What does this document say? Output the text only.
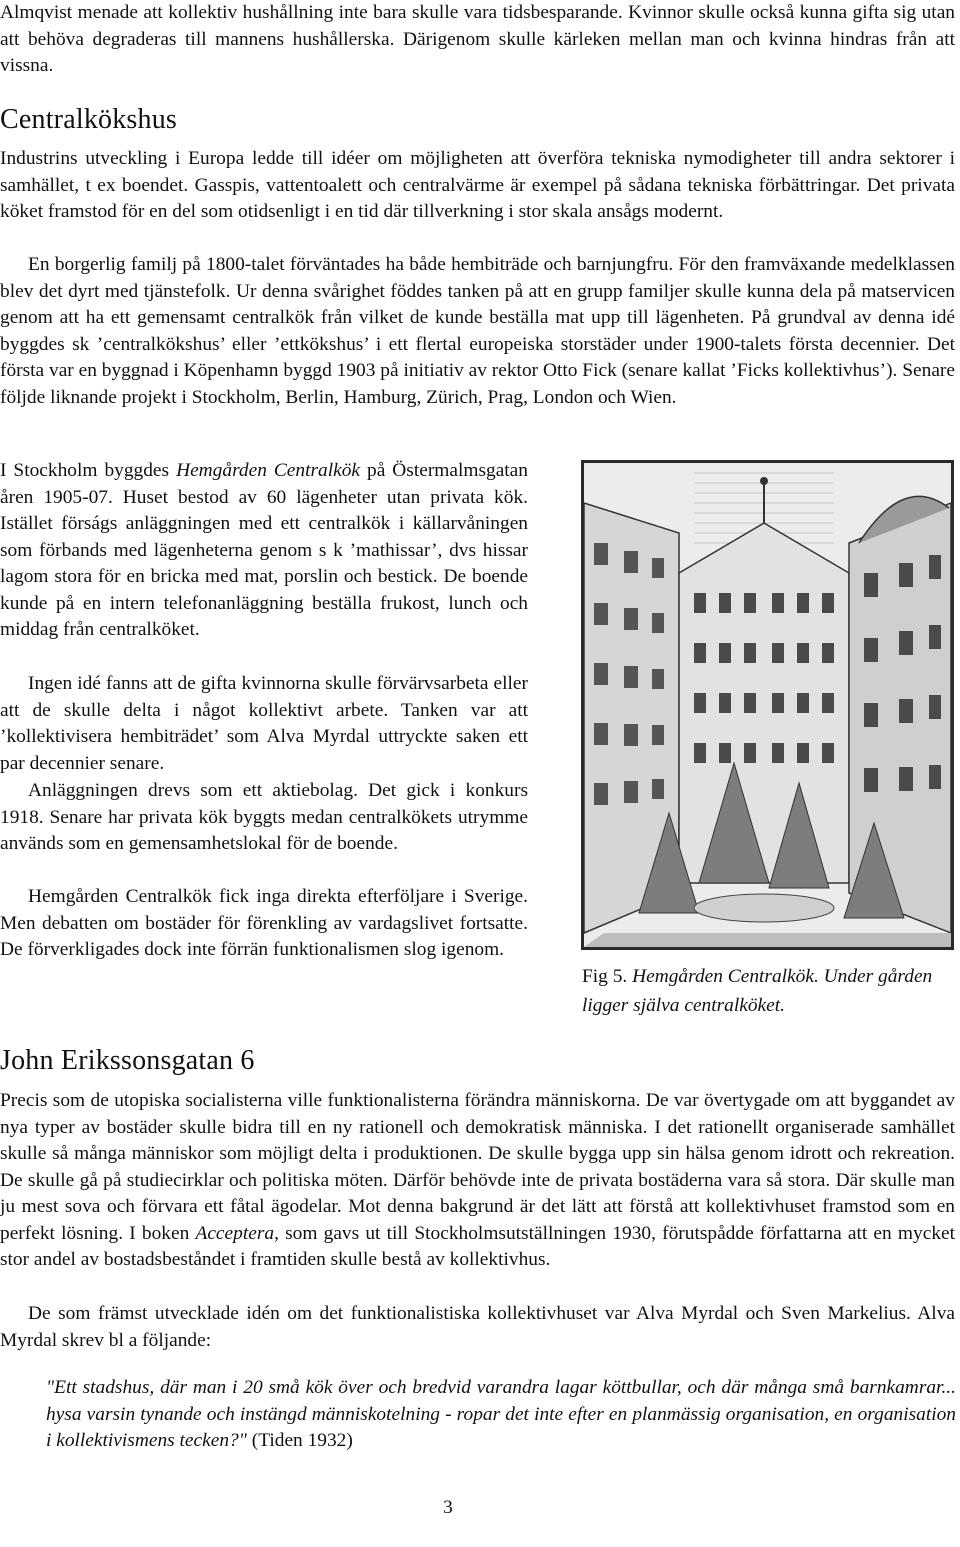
Almqvist menade att kollektiv hushållning inte bara skulle vara tidsbesparande. Kvinnor skulle också kunna gifta sig utan att behöva degraderas till mannens hushållerska. Därigenom skulle kärleken mellan man och kvinna hindras från att vissna.

Centralkökshus

Industrins utveckling i Europa ledde till idéer om möjligheten att överföra tekniska nymodigheter till andra sektorer i samhället, t ex boendet. Gasspis, vattentoalett och centralvärme är exempel på sådana tekniska förbättringar. Det privata köket framstod för en del som otidsenligt i en tid där tillverkning i stor skala ansågs modernt.

En borgerlig familj på 1800-talet förväntades ha både hembiträde och barnjungfru. För den framväxande medelklassen blev det dyrt med tjänstefolk. Ur denna svårighet föddes tanken på att en grupp familjer skulle kunna dela på matservicen genom att ha ett gemensamt centralkök från vilket de kunde beställa mat upp till lägenheten. På grundval av denna idé byggdes sk ’centralkökshus’ eller ’ettkökshus’ i ett flertal europeiska storstäder under 1900-talets första decennier. Det första var en byggnad i Köpenhamn byggd 1903 på initiativ av rektor Otto Fick (senare kallat ’Ficks kollektivhus’). Senare följde liknande projekt i Stockholm, Berlin, Hamburg, Zürich, Prag, London och Wien.

I Stockholm byggdes Hemgården Centralkök på Östermalmsgatan åren 1905-07. Huset bestod av 60 lägenheter utan privata kök. Istället förságs anläggningen med ett centralkök i källarvåningen som förbands med lägenheterna genom s k ’mathissar’, dvs hissar lagom stora för en bricka med mat, porslin och bestick. De boende kunde på en intern telefonanläggning beställa frukost, lunch och middag från centralköket.

Ingen idé fanns att de gifta kvinnorna skulle förvärvsarbeta eller att de skulle delta i något kollektivt arbete. Tanken var att ’kollektivisera hembiträdet’ som Alva Myrdal uttryckte saken ett par decennier senare.

Anläggningen drevs som ett aktiebolag. Det gick i konkurs 1918. Senare har privata kök byggts medan centralkökets utrymme används som en gemensamhetslokal för de boende.

Hemgården Centralkök fick inga direkta efterföljare i Sverige. Men debatten om bostäder för förenkling av vardagslivet fortsatte. De förverkligades dock inte förrän funktionalismen slog igenom.

Fig 5. Hemgården Centralkök. Under gården ligger själva centralköket.

John Erikssonsgatan 6

Precis som de utopiska socialisterna ville funktionalisterna förändra människorna. De var övertygade om att byggandet av nya typer av bostäder skulle bidra till en ny rationell och demokratisk människa. I det rationellt organiserade samhället skulle så många människor som möjligt delta i produktionen. De skulle bygga upp sin hälsa genom idrott och rekreation. De skulle gå på studiecirklar och politiska möten. Därför behövde inte de privata bostäderna vara så stora. Där skulle man ju mest sova och förvara ett fåtal ägodelar. Mot denna bakgrund är det lätt att förstå att kollektivhuset framstod som en perfekt lösning. I boken Acceptera, som gavs ut till Stockholmsutställningen 1930, förutspådde författarna att en mycket stor andel av bostadsbeståndet i framtiden skulle bestå av kollektivhus.

De som främst utvecklade idén om det funktionalistiska kollektivhuset var Alva Myrdal och Sven Markelius. Alva Myrdal skrev bl a följande:

"Ett stadshus, där man i 20 små kök över och bredvid varandra lagar köttbullar, och där många små barnkamrar... hysa varsin tynande och instängd människotelning - ropar det inte efter en planmässig organisation, en organisation i kollektivismens tecken?" (Tiden 1932)

3
